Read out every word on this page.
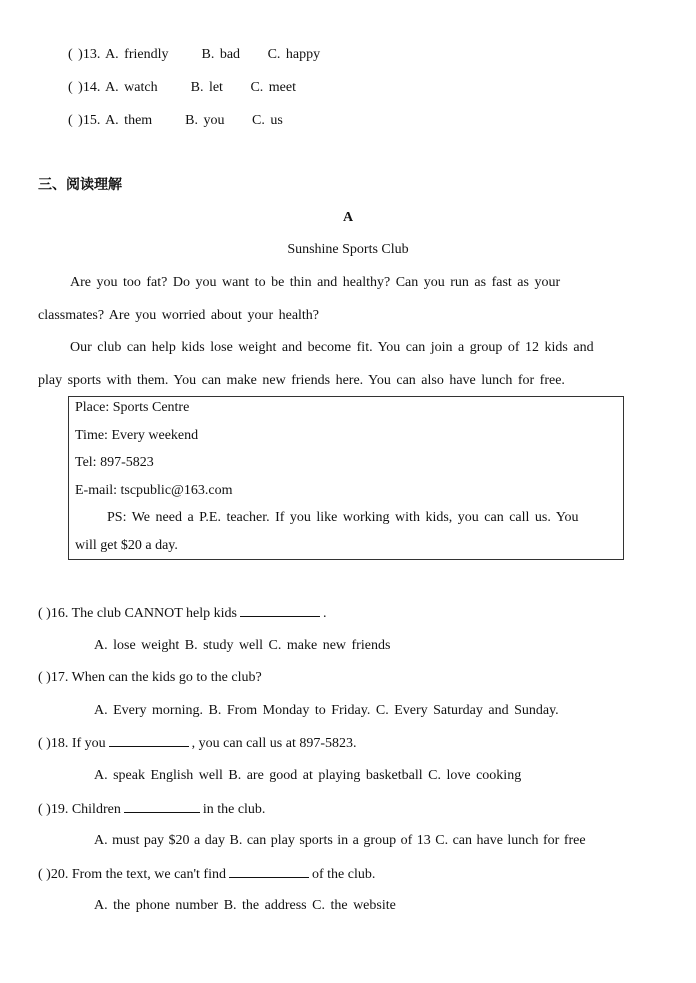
( )13. A. friendly B. bad C. happy
( )14. A. watch B. let C. meet
( )15. A. them B. you C. us
三、阅读理解
A
Sunshine Sports Club
Are you too fat? Do you want to be thin and healthy? Can you run as fast as your
classmates? Are you worried about your health?
Our club can help kids lose weight and become fit. You can join a group of 12 kids and
play sports with them. You can make new friends here. You can also have lunch for free.
Place: Sports Centre
Time: Every weekend
Tel: 897-5823
E-mail: tscpublic@163.com
PS: We need a P.E. teacher. If you like working with kids, you can call us. You
will get $20 a day.
( )16. The club CANNOT help kids	.
A. lose weight B. study well C. make new friends
( )17. When can the kids go to the club?
A. Every morning. B. From Monday to Friday. C. Every Saturday and Sunday.
( )18. If you	, you can call us at 897-5823.
A. speak English well B. are good at playing basketball C. love cooking
( )19. Children	in the club.
A. must pay $20 a day B. can play sports in a group of 13 C. can have lunch for free
( )20. From the text, we can't find	of the club.
A. the phone number B. the address C. the website
